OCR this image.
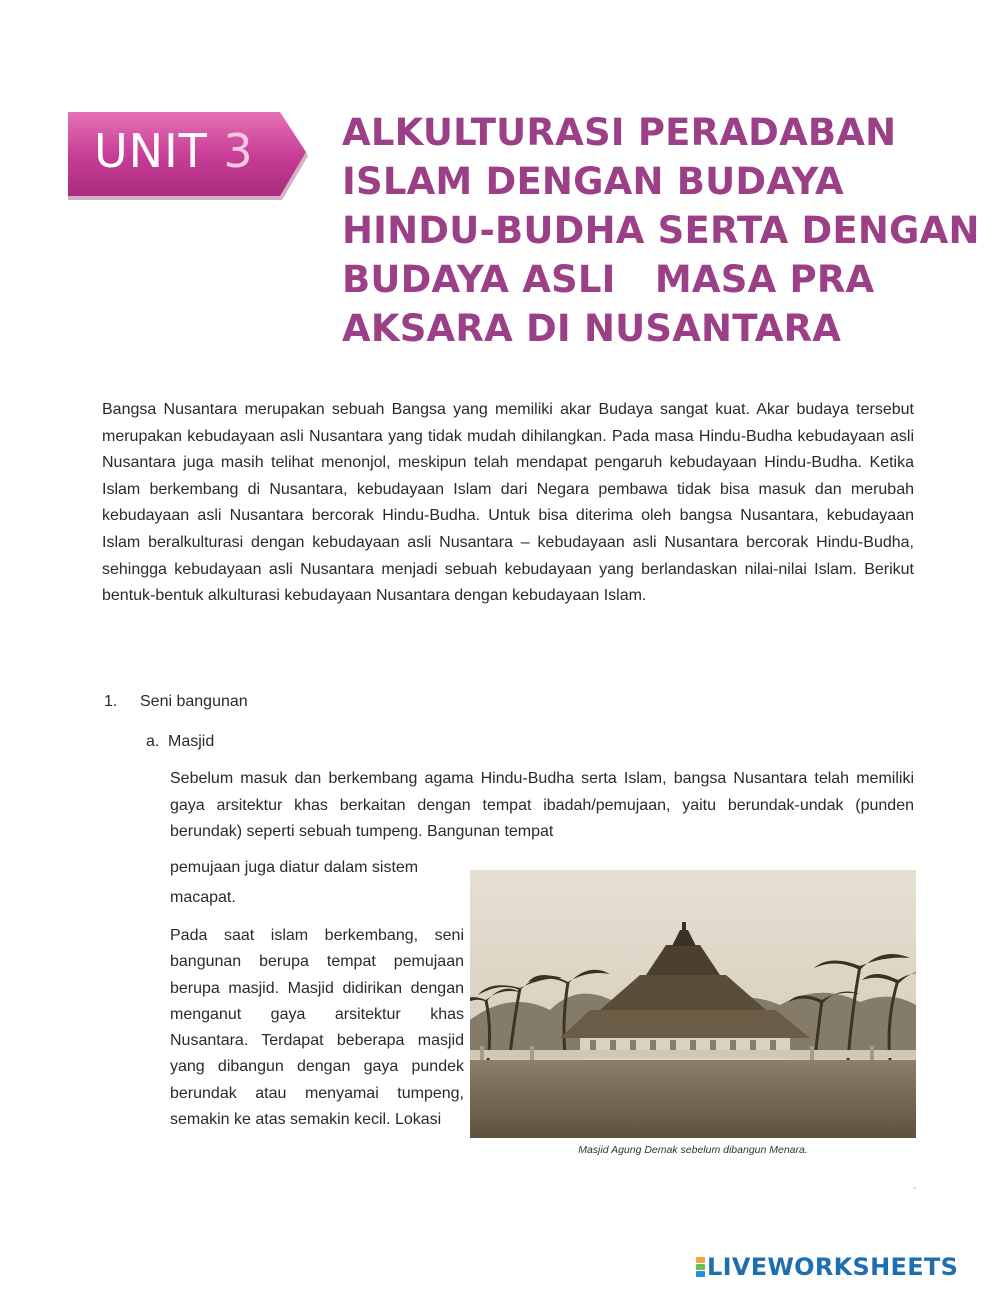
UNIT 3 ALKULTURASI PERADABAN
ISLAM DENGAN BUDAYA
HINDU-BUDHA SERTA DENGAN
BUDAYA ASLI   MASA PRA
AKSARA DI NUSANTARA

Bangsa Nusantara merupakan sebuah Bangsa yang memiliki akar Budaya sangat kuat. Akar budaya tersebut merupakan kebudayaan asli Nusantara yang tidak mudah dihilangkan. Pada masa Hindu-Budha kebudayaan asli Nusantara juga masih telihat menonjol, meskipun telah mendapat pengaruh kebudayaan Hindu-Budha. Ketika Islam berkembang di Nusantara, kebudayaan Islam dari Negara pembawa tidak bisa masuk dan merubah kebudayaan asli Nusantara bercorak Hindu-Budha. Untuk bisa diterima oleh bangsa Nusantara, kebudayaan Islam beralkulturasi dengan kebudayaan asli Nusantara – kebudayaan asli Nusantara bercorak Hindu-Budha, sehingga kebudayaan asli Nusantara menjadi sebuah kebudayaan yang berlandaskan nilai-nilai Islam. Berikut bentuk-bentuk alkulturasi kebudayaan Nusantara dengan kebudayaan Islam.

1. Seni bangunan
a. Masjid

Sebelum masuk dan berkembang agama Hindu-Budha serta Islam, bangsa Nusantara telah memiliki gaya arsitektur khas berkaitan dengan tempat ibadah/pemujaan, yaitu berundak-undak (punden berundak) seperti sebuah tumpeng. Bangunan tempat

pemujaan juga diatur dalam sistem macapat.

Pada saat islam berkembang, seni bangunan berupa tempat pemujaan berupa masjid. Masjid didirikan dengan menganut gaya arsitektur khas Nusantara. Terdapat beberapa masjid yang dibangun dengan gaya pundek berundak atau menyamai tumpeng, semakin ke atas semakin kecil. Lokasi

Masjid Agung Demak sebelum dibangun Menara.
`
LIVEWORKSHEETS
